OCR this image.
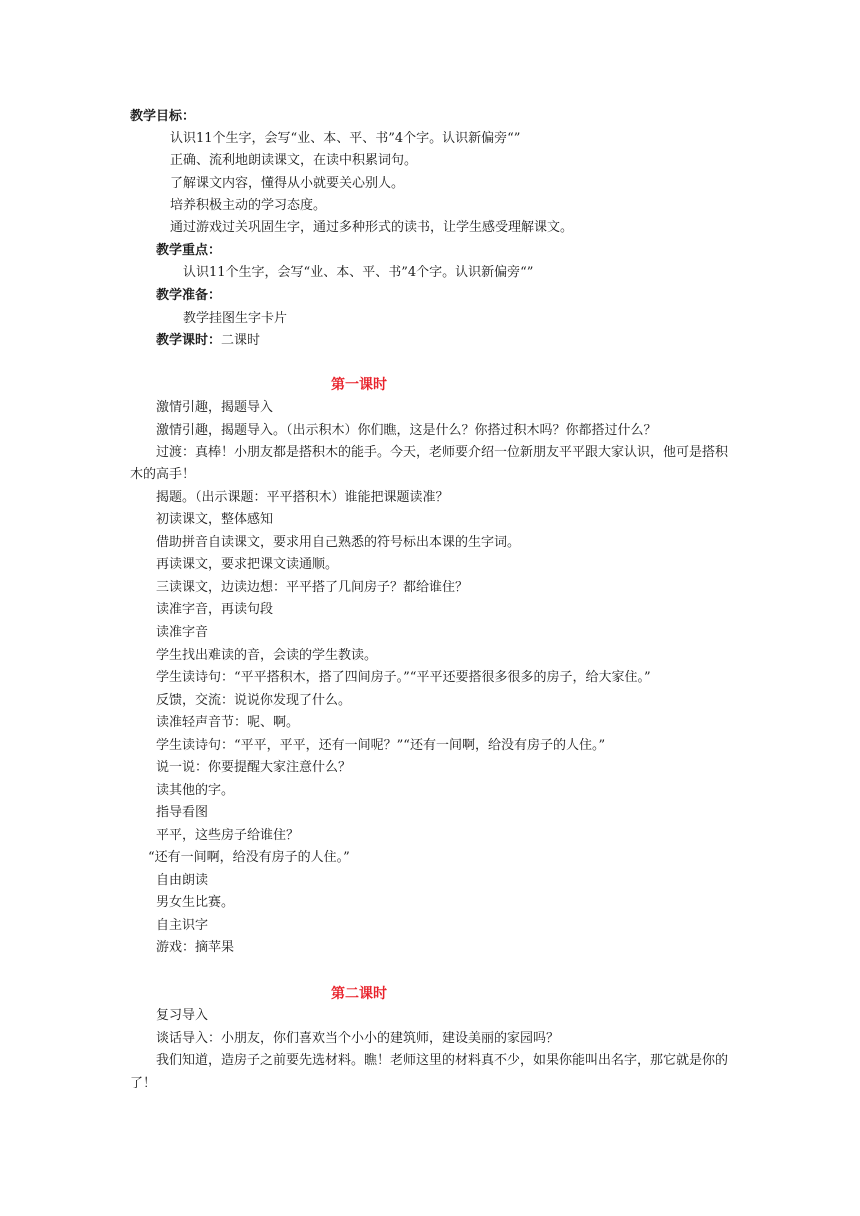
教学目标：
认识11个生字，会写“业、本、平、书”4个字。认识新偏旁“”
正确、流利地朗读课文，在读中积累词句。
了解课文内容，懂得从小就要关心别人。
培养积极主动的学习态度。
通过游戏过关巩固生字，通过多种形式的读书，让学生感受理解课文。
教学重点：
认识11个生字，会写“业、本、平、书”4个字。认识新偏旁“”
教学准备：
教学挂图生字卡片
教学课时：二课时
第一课时
激情引趣，揭题导入
激情引趣，揭题导入。（出示积木）你们瞧，这是什么？你搭过积木吗？你都搭过什么？
过渡：真棒！小朋友都是搭积木的能手。今天，老师要介绍一位新朋友平平跟大家认识，他可是搭积
木的高手！
揭题。（出示课题：平平搭积木）谁能把课题读准？
初读课文，整体感知
借助拼音自读课文，要求用自己熟悉的符号标出本课的生字词。
再读课文，要求把课文读通顺。
三读课文，边读边想：平平搭了几间房子？都给谁住？
读准字音，再读句段
读准字音
学生找出难读的音，会读的学生教读。
学生读诗句：“平平搭积木，搭了四间房子。”“平平还要搭很多很多的房子，给大家住。”
反馈，交流：说说你发现了什么。
读准轻声音节：呢、啊。
学生读诗句：“平平，平平，还有一间呢？”“还有一间啊，给没有房子的人住。”
说一说：你要提醒大家注意什么？
读其他的字。
指导看图
平平，这些房子给谁住？
“还有一间啊，给没有房子的人住。”
自由朗读
男女生比赛。
自主识字
游戏：摘苹果
第二课时
复习导入
谈话导入：小朋友，你们喜欢当个小小的建筑师，建设美丽的家园吗？
我们知道，造房子之前要先选材料。瞧！老师这里的材料真不少，如果你能叫出名字，那它就是你的
了！
